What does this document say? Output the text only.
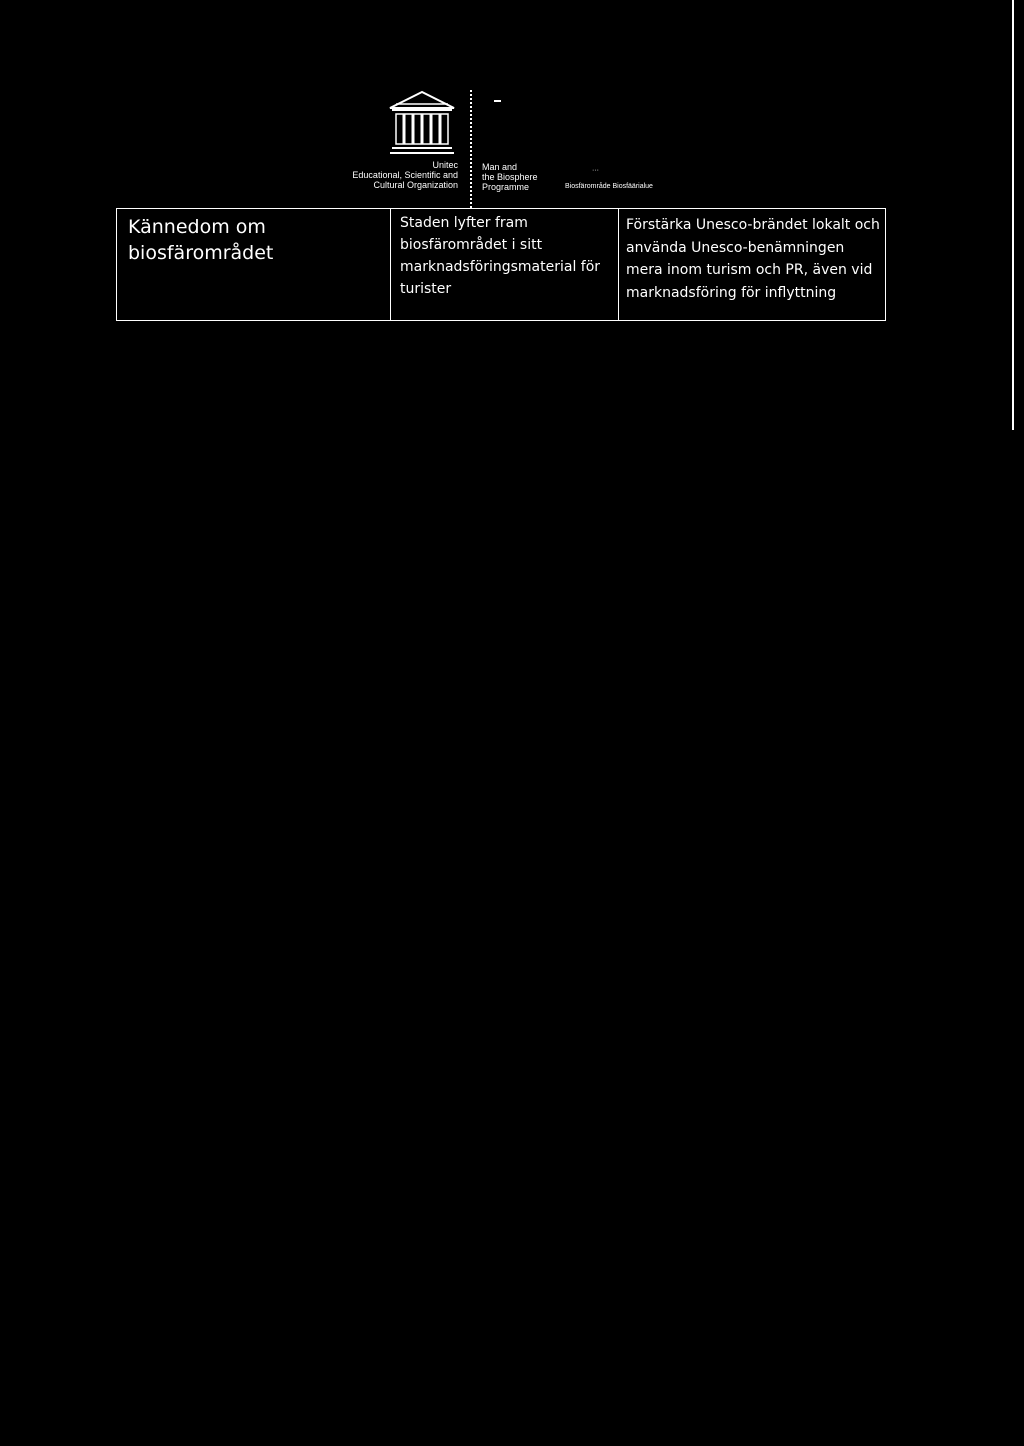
Unitec
Educational, Scientific and
Cultural Organization
Man and
the Biosphere
Programme
···
Biosfärområde Biosfäärialue
Kännedom om biosfärområdet
Staden lyfter fram biosfärområdet i sitt marknadsföringsmaterial för turister
Förstärka Unesco-brändet lokalt och använda Unesco-benämningen mera inom turism och PR, även vid marknadsföring för inflyttning
